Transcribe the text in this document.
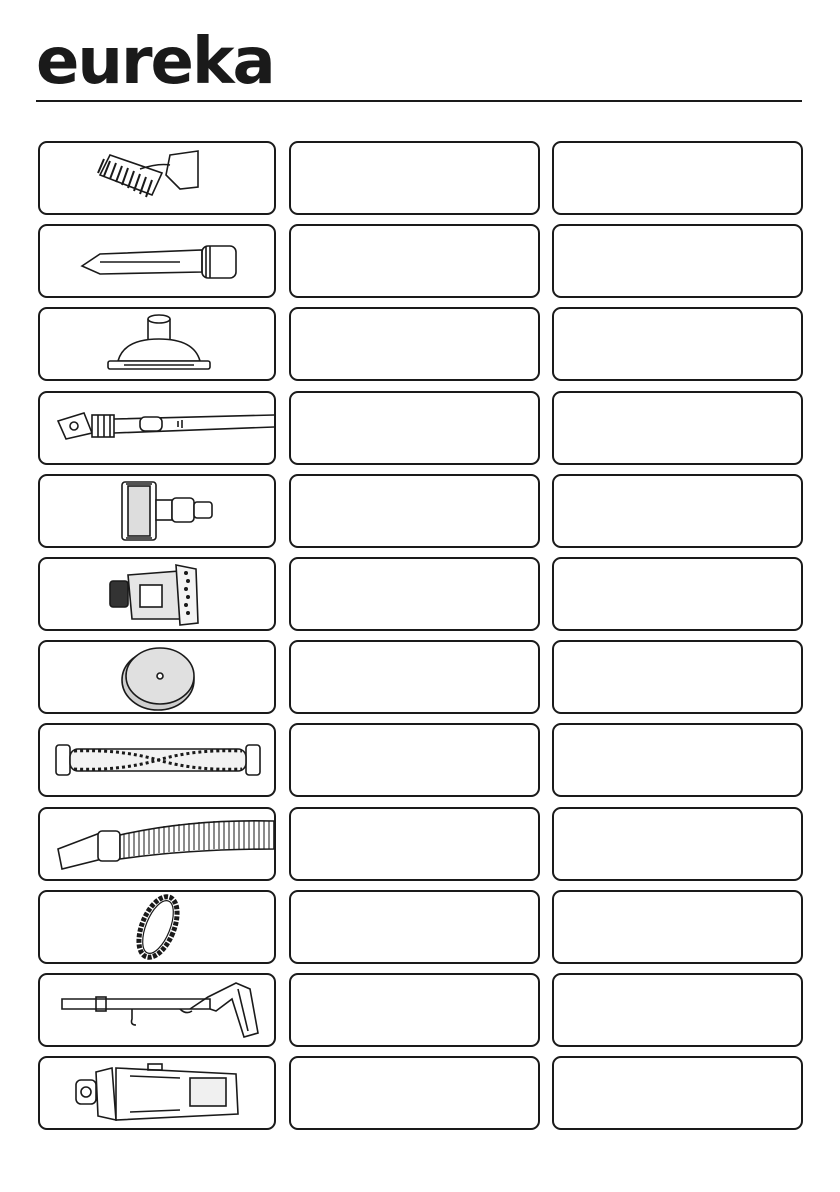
eureka
